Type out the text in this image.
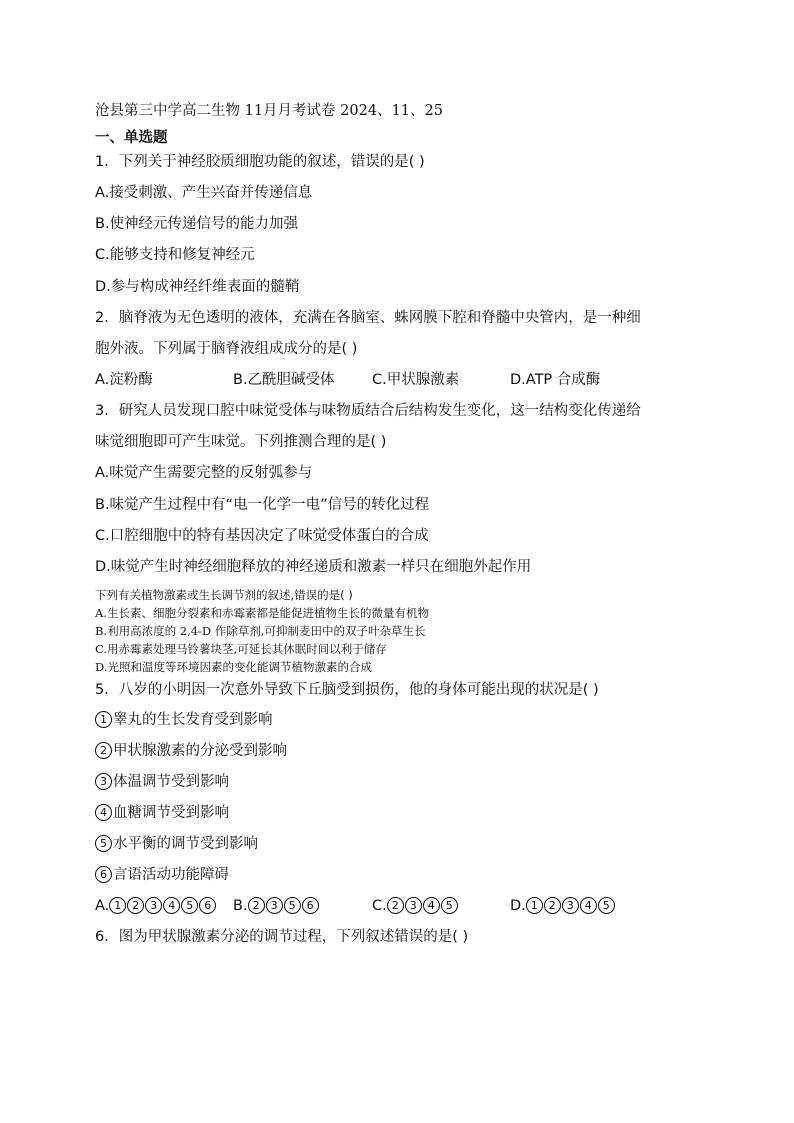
沧县第三中学高二生物 11月月考试卷 2024、11、25
一、单选题
1．下列关于神经胶质细胞功能的叙述，错误的是( )
A.接受刺激、产生兴奋并传递信息
B.使神经元传递信号的能力加强
C.能够支持和修复神经元
D.参与构成神经纤维表面的髓鞘
2．脑脊液为无色透明的液体，充满在各脑室、蛛网膜下腔和脊髓中央管内，是一种细
胞外液。下列属于脑脊液组成成分的是( )
A.淀粉酶	B.乙酰胆碱受体	C.甲状腺激素	D.ATP 合成酶
3．研究人员发现口腔中味觉受体与味物质结合后结构发生变化，这一结构变化传递给
味觉细胞即可产生味觉。下列推测合理的是( )
A.味觉产生需要完整的反射弧参与
B.味觉产生过程中有“电一化学一电”信号的转化过程
C.口腔细胞中的特有基因决定了味觉受体蛋白的合成
D.味觉产生时神经细胞释放的神经递质和激素一样只在细胞外起作用
下列有关植物激素或生长调节剂的叙述,错误的是( )
A.生长素、细胞分裂素和赤霉素都是能促进植物生长的微量有机物
B.利用高浓度的 2,4-D 作除草剂,可抑制麦田中的双子叶杂草生长
C.用赤霉素处理马铃薯块茎,可延长其休眠时间以利于储存
D.光照和温度等环境因素的变化能调节植物激素的合成
5．八岁的小明因一次意外导致下丘脑受到损伤，他的身体可能出现的状况是( )
1 睾丸的生长发育受到影响
2 甲状腺激素的分泌受到影响
3 体温调节受到影响
4 血糖调节受到影响
5 水平衡的调节受到影响
6 言语活动功能障碍
A. 1 2 3 4 5 6	B. 2 3 5 6	C. 2 3 4 5	D. 1 2 3 4 5
6．图为甲状腺激素分泌的调节过程，下列叙述错误的是( )
